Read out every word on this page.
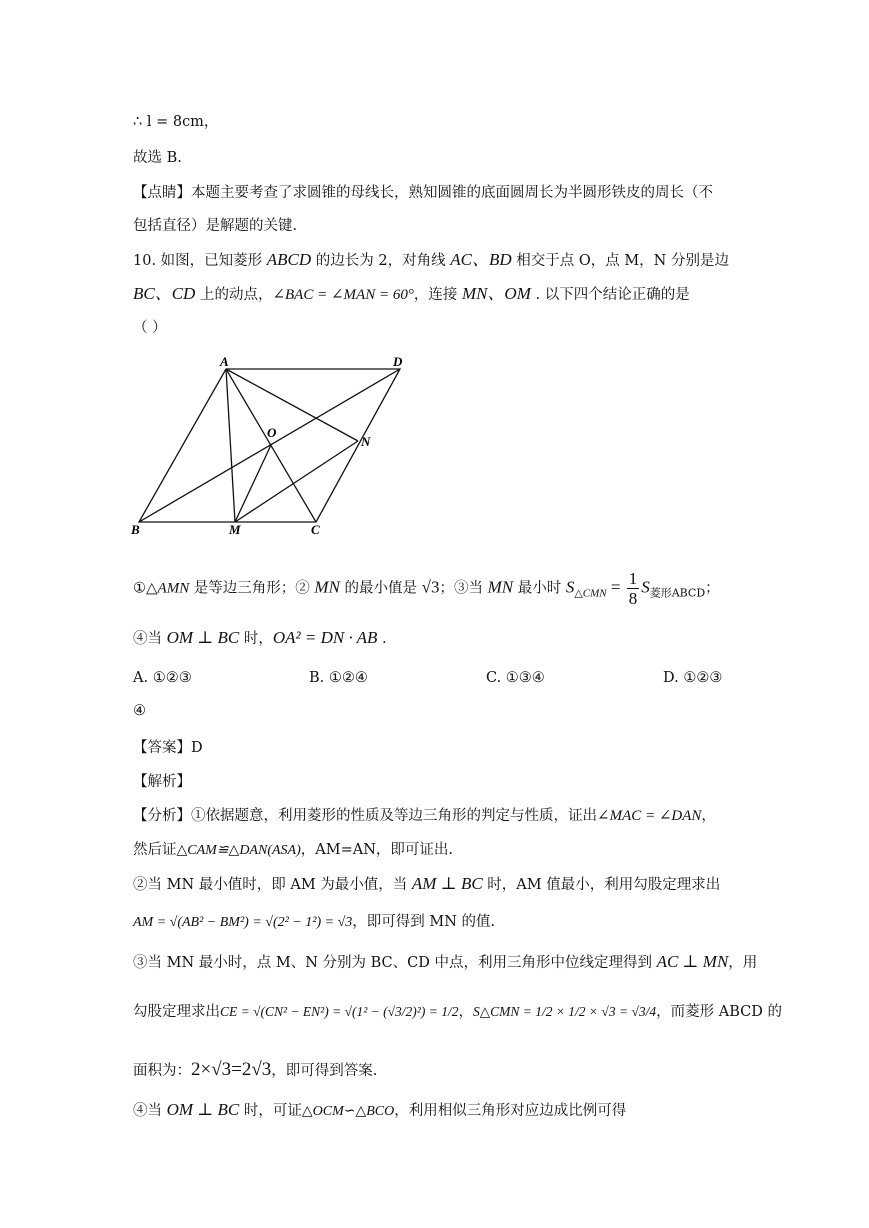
∴ l = 8cm，
故选 B.
【点睛】本题主要考查了求圆锥的母线长，熟知圆锥的底面圆周长为半圆形铁皮的周长（不
包括直径）是解题的关键.
10. 如图，已知菱形 ABCD 的边长为 2，对角线 AC、BD 相交于点 O，点 M，N 分别是边
BC、CD 上的动点，∠BAC = ∠MAN = 60°，连接 MN、OM . 以下四个结论正确的是
（ ）
A	D
O
N
B	M	C
①△AMN 是等边三角形；② MN 的最小值是 √3；③当 MN 最小时 $S_{\triangle CMN} = \frac{1}{8} S_{菱形ABCD}$；
④当 OM ⊥ BC 时，OA² = DN · AB .
A. ①②③	B. ①②④	C. ①③④	D. ①②③
④
【答案】D
【解析】
【分析】①依据题意，利用菱形的性质及等边三角形的判定与性质，证出∠MAC = ∠DAN，
然后证△CAM≌△DAN(ASA)，AM=AN，即可证出.
②当 MN 最小值时，即 AM 为最小值，当 AM ⊥ BC 时，AM 值最小，利用勾股定理求出
AM = √(AB² − BM²) = √(2² − 1²) = √3，即可得到 MN 的值.
③当 MN 最小时，点 M、N 分别为 BC、CD 中点，利用三角形中位线定理得到 AC ⊥ MN，用
勾股定理求出CE = √(CN² − EN²) = √(1² − (√3/2)²) = 1/2，S△CMN = 1/2 × 1/2 × √3 = √3/4，而菱形 ABCD 的
面积为：2×√3=2√3，即可得到答案.
④当 OM ⊥ BC 时，可证△OCM∽△BCO，利用相似三角形对应边成比例可得
